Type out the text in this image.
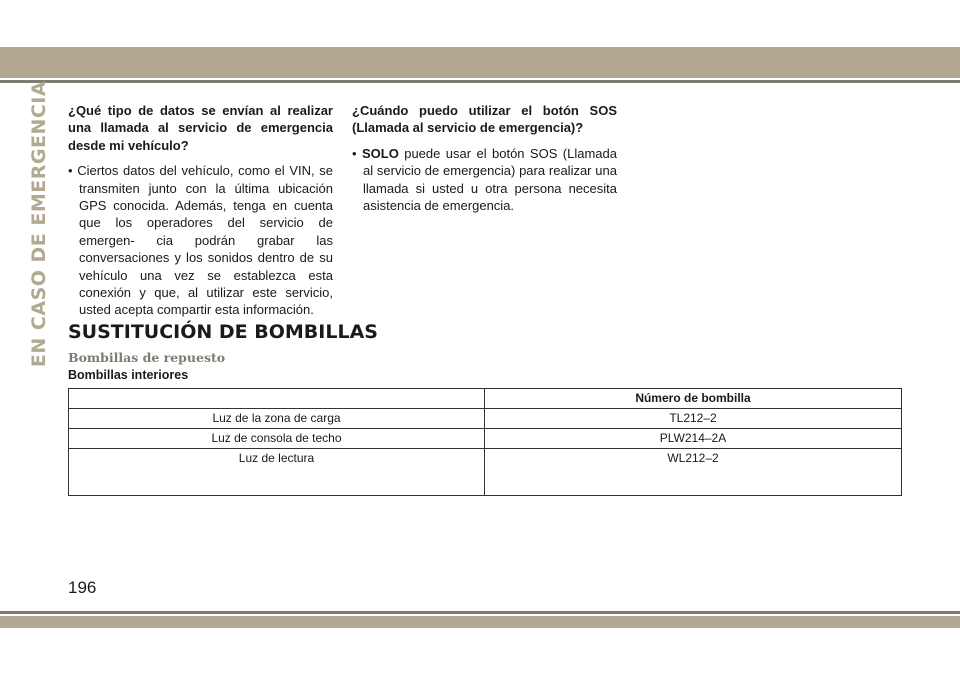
EN CASO DE EMERGENCIA ¿Qué tipo de datos se envían al realizar una llamada al servicio de emergencia desde mi vehículo?

• Ciertos datos del vehículo, como el VIN, se transmiten junto con la última ubicación GPS conocida. Además, tenga en cuenta que los operadores del servicio de emergen- cia podrán grabar las conversaciones y los sonidos dentro de su vehículo una vez se establezca esta conexión y que, al utilizar este servicio, usted acepta compartir esta información.

¿Cuándo puedo utilizar el botón SOS (Llamada al servicio de emergencia)?

• SOLO puede usar el botón SOS (Llamada al servicio de emergencia) para realizar una llamada si usted u otra persona necesita asistencia de emergencia.

SUSTITUCIÓN DE BOMBILLAS
Bombillas de repuesto
Bombillas interiores
	Número de bombilla
Luz de la zona de carga	TL212–2
Luz de consola de techo	PLW214–2A
Luz de lectura	WL212–2
196
